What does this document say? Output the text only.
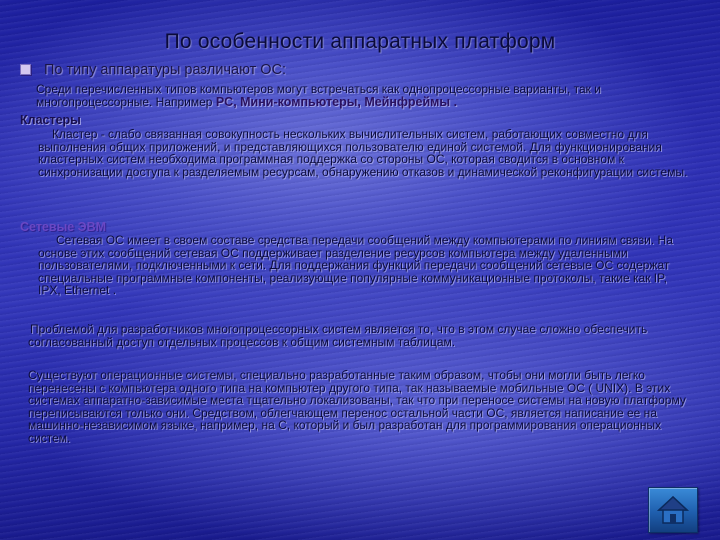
По особенности аппаратных платформ
По типу аппаратуры различают ОС:

Среди перечисленных типов компьютеров могут встречаться как однопроцессорные варианты, так и многопроцессорные. Например PC, Мини-компьютеры, Мейнфреймы .

Кластеры

Кластер - слабо связанная совокупность нескольких вычислительных систем, работающих совместно для выполнения общих приложений, и представляющихся пользователю единой системой. Для функционирования кластерных систем необходима программная поддержка со стороны ОС, которая сводится в основном к синхронизации доступа к разделяемым ресурсам, обнаружению отказов и динамической реконфигурации системы.

Сетевые ЭВМ

Сетевая ОС имеет в своем составе средства передачи сообщений между компьютерами по линиям связи. На основе этих сообщений сетевая ОС поддерживает разделение ресурсов компьютера между удаленными пользователями, подключенными к сети. Для поддержания функций передачи сообщений сетевые ОС содержат специальные программные компоненты, реализующие популярные коммуникационные протоколы, такие как IP, IPX, Ethernet .

Проблемой для разработчиков многопроцессорных систем является то, что в этом случае сложно обеспечить согласованный доступ отдельных процессов к общим системным таблицам.

Существуют операционные системы, специально разработанные таким образом, чтобы они могли быть легко перенесены с компьютера одного типа на компьютер другого типа, так называемые мобильные ОС ( UNIX). В этих системах аппаратно-зависимые места тщательно локализованы, так что при переносе системы на новую платформу переписываются только они. Средством, облегчающем перенос остальной части ОС, является написание ее на машинно-независимом языке, например, на С, который и был разработан для программирования операционных систем.
